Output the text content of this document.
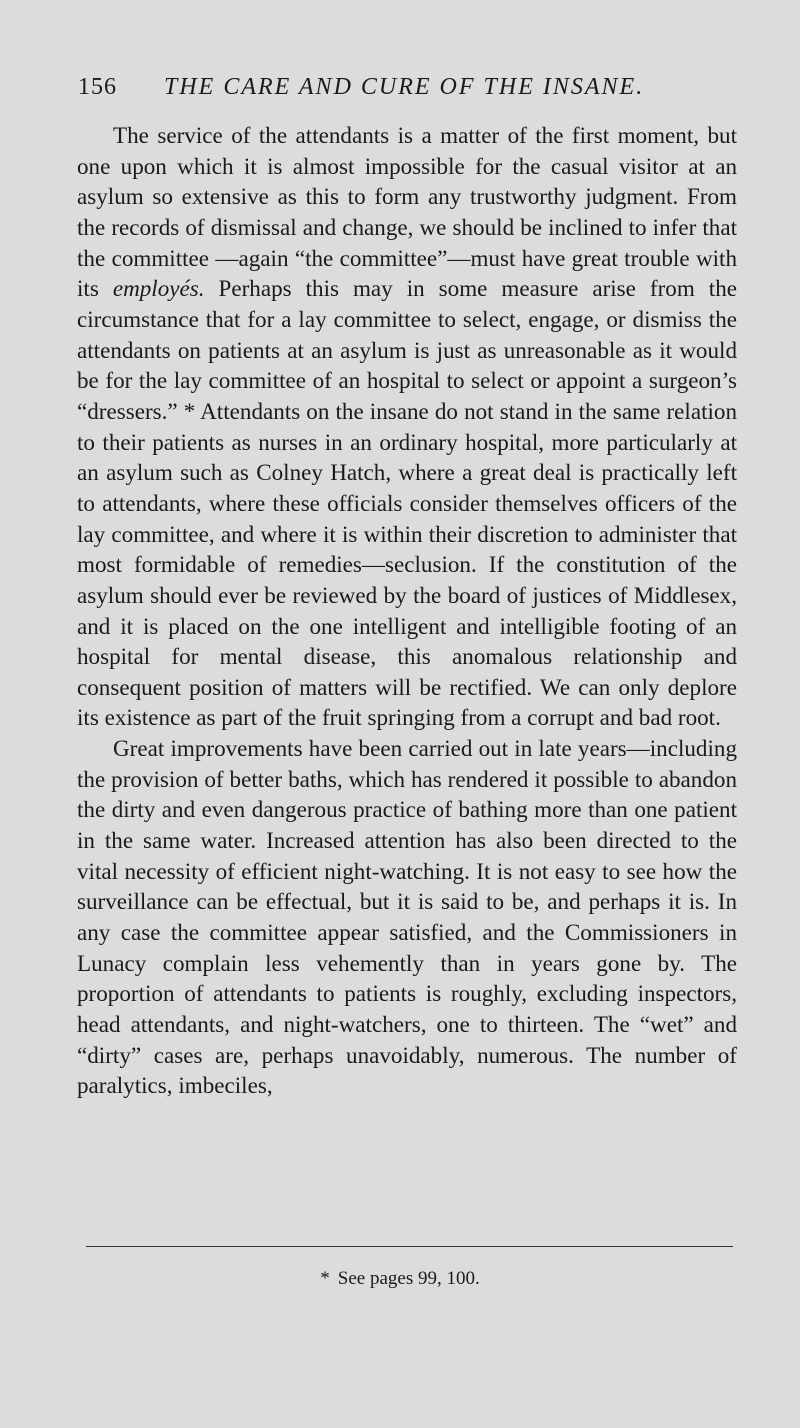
156 THE CARE AND CURE OF THE INSANE.

The service of the attendants is a matter of the first moment, but one upon which it is almost impossible for the casual visitor at an asylum so extensive as this to form any trustworthy judgment. From the records of dismissal and change, we should be inclined to infer that the committee —again “the committee”—must have great trouble with its employés. Perhaps this may in some measure arise from the circumstance that for a lay committee to select, engage, or dismiss the attendants on patients at an asylum is just as unreasonable as it would be for the lay committee of an hospital to select or appoint a surgeon’s “dressers.” * Attendants on the insane do not stand in the same relation to their patients as nurses in an ordinary hospital, more particularly at an asylum such as Colney Hatch, where a great deal is practically left to attendants, where these officials consider themselves officers of the lay committee, and where it is within their discretion to administer that most formidable of remedies—seclusion. If the constitution of the asylum should ever be reviewed by the board of justices of Middlesex, and it is placed on the one intelligent and intelligible footing of an hospital for mental disease, this anomalous relationship and consequent position of matters will be rectified. We can only deplore its existence as part of the fruit springing from a corrupt and bad root.

Great improvements have been carried out in late years—including the provision of better baths, which has rendered it possible to abandon the dirty and even dangerous practice of bathing more than one patient in the same water. Increased attention has also been directed to the vital necessity of efficient night-watching. It is not easy to see how the surveillance can be effectual, but it is said to be, and perhaps it is. In any case the committee appear satisfied, and the Commissioners in Lunacy complain less vehemently than in years gone by. The proportion of attendants to patients is roughly, excluding inspectors, head attendants, and night-watchers, one to thirteen. The “wet” and “dirty” cases are, perhaps unavoidably, numerous. The number of paralytics, imbeciles,

* See pages 99, 100.
